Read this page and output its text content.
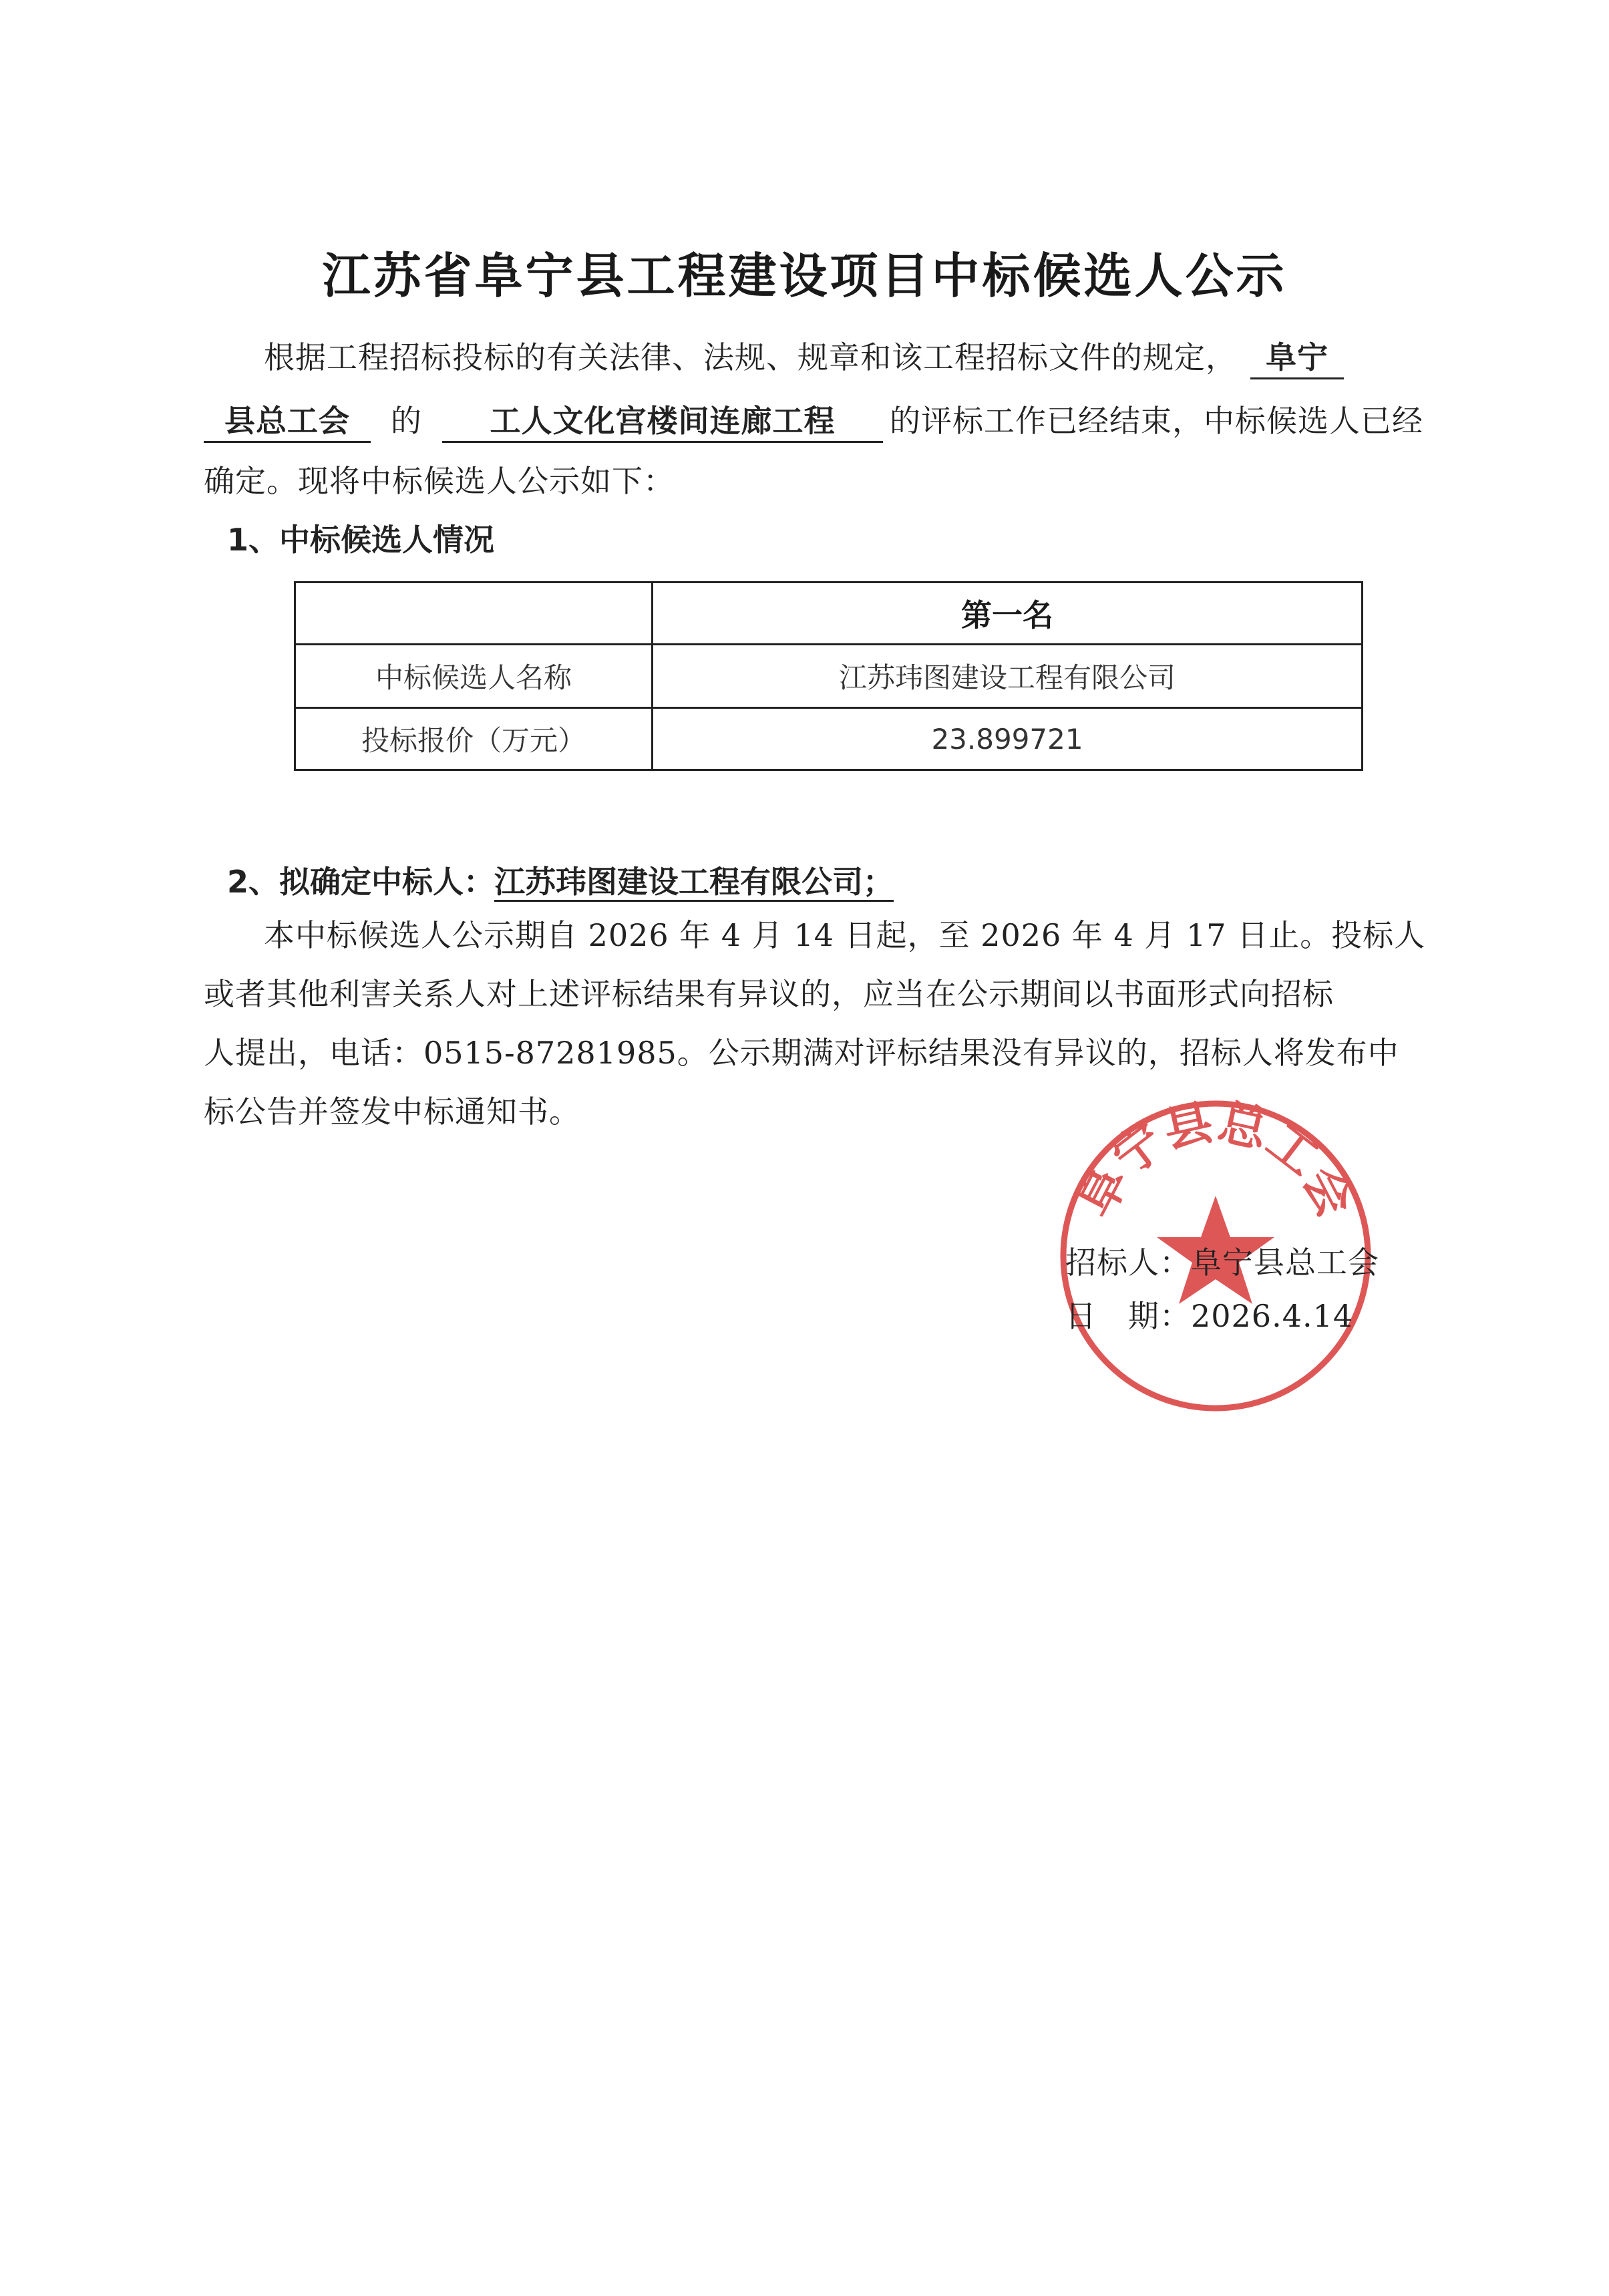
江苏省阜宁县工程建设项目中标候选人公示
根据工程招标投标的有关法律、法规、规章和该工程招标文件的规定， 阜宁
县总工会 的 工人文化宫楼间连廊工程 的评标工作已经结束，中标候选人已经
确定。现将中标候选人公示如下：
1、中标候选人情况
	第一名
中标候选人名称	江苏玮图建设工程有限公司
投标报价（万元）	23.899721
2、拟确定中标人：江苏玮图建设工程有限公司；
本中标候选人公示期自 2026 年 4 月 14 日起，至 2026 年 4 月 17 日止。投标人
或者其他利害关系人对上述评标结果有异议的，应当在公示期间以书面形式向招标
人提出，电话：0515-87281985。公示期满对评标结果没有异议的，招标人将发布中
标公告并签发中标通知书。
阜宁县总工会
招标人：阜宁县总工会
日　期：2026.4.14
